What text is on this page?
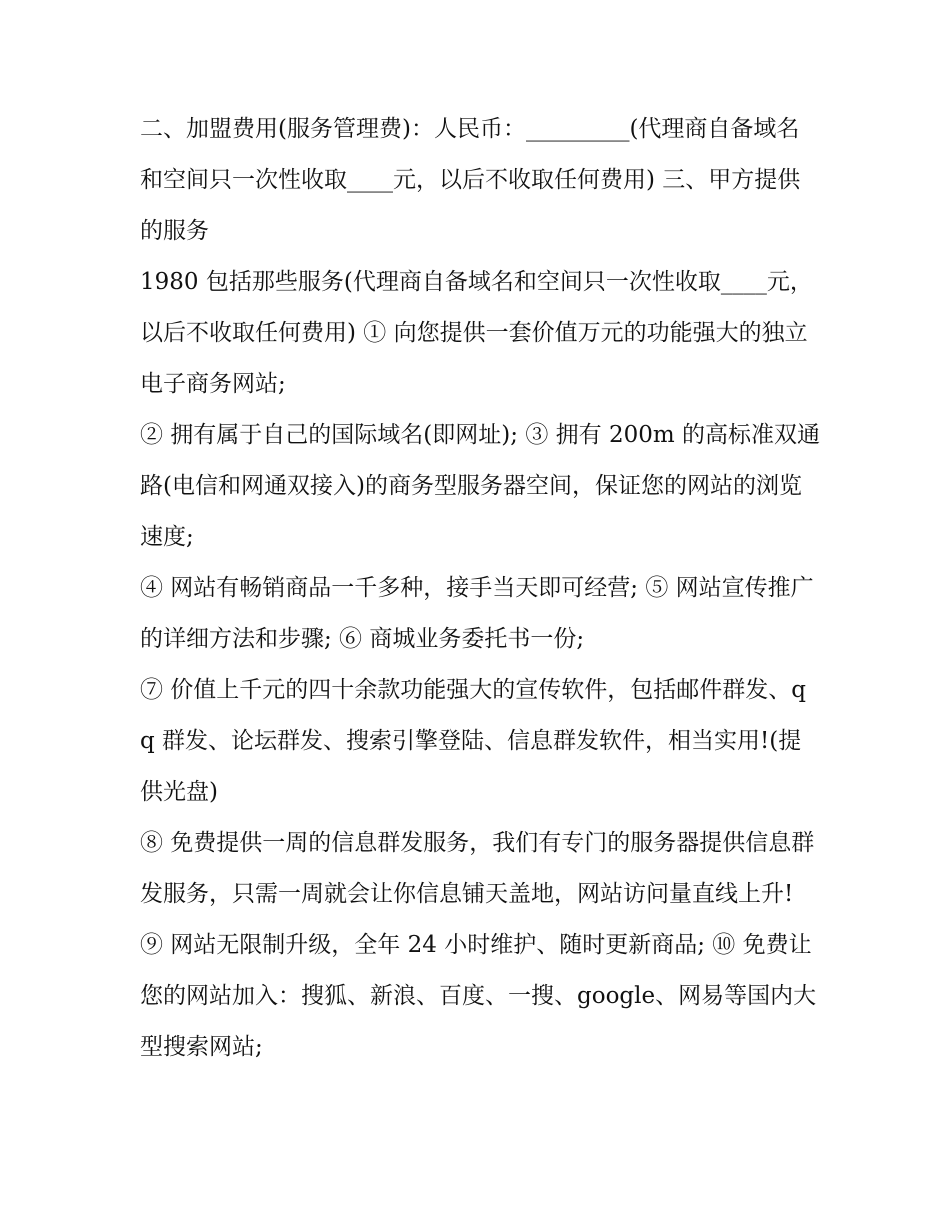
二、加盟费用(服务管理费)：人民币：_________(代理商自备域名和空间只一次性收取____元，以后不收取任何费用) 三、甲方提供的服务

1980 包括那些服务(代理商自备域名和空间只一次性收取____元，以后不收取任何费用) ① 向您提供一套价值万元的功能强大的独立电子商务网站;

② 拥有属于自己的国际域名(即网址); ③ 拥有 200m 的高标准双通路(电信和网通双接入)的商务型服务器空间，保证您的网站的浏览速度;

④ 网站有畅销商品一千多种，接手当天即可经营; ⑤ 网站宣传推广的详细方法和步骤; ⑥ 商城业务委托书一份;

⑦ 价值上千元的四十余款功能强大的宣传软件，包括邮件群发、qq 群发、论坛群发、搜索引擎登陆、信息群发软件，相当实用!(提供光盘)

⑧ 免费提供一周的信息群发服务，我们有专门的服务器提供信息群发服务，只需一周就会让你信息铺天盖地，网站访问量直线上升!

⑨ 网站无限制升级，全年 24 小时维护、随时更新商品; ⑩ 免费让您的网站加入：搜狐、新浪、百度、一搜、google、网易等国内大型搜索网站;
